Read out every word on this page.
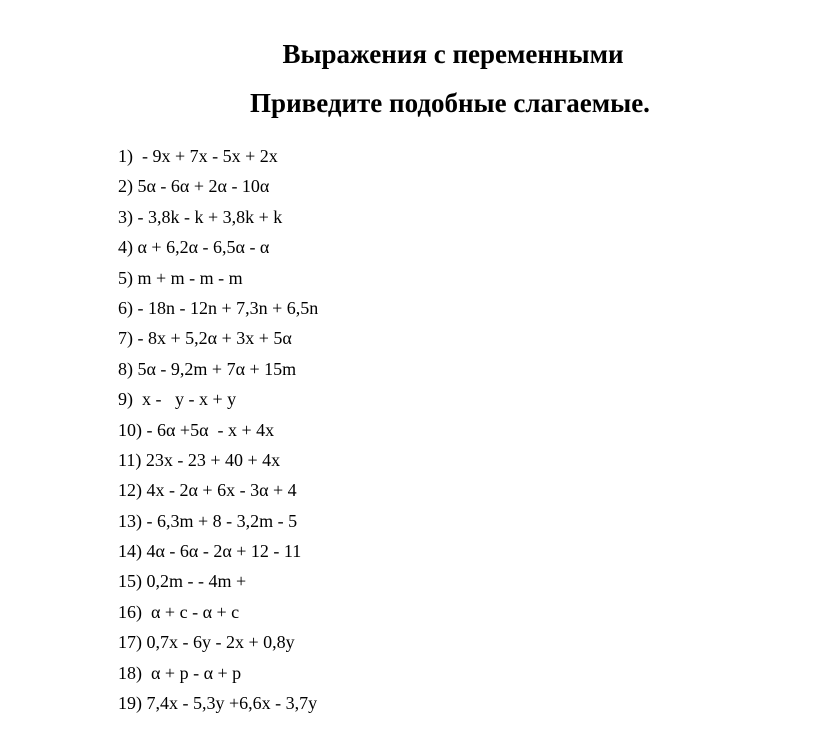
Выражения с переменными
Приведите подобные слагаемые.
1)  - 9x + 7x - 5x + 2x
2) 5α - 6α + 2α - 10α
3) - 3,8k - k + 3,8k + k
4) α + 6,2α - 6,5α - α
5) m + m - m - m
6) - 18n - 12n + 7,3n + 6,5n
7) - 8x + 5,2α + 3x + 5α
8) 5α - 9,2m + 7α + 15m
9)  x -   y - x + y
10) - 6α +5α  - x + 4x
11) 23x - 23 + 40 + 4x
12) 4x - 2α + 6x - 3α + 4
13) - 6,3m + 8 - 3,2m - 5
14) 4α - 6α - 2α + 12 - 11
15) 0,2m - - 4m +
16)  α + c - α + c
17) 0,7x - 6y - 2x + 0,8y
18)  α + p - α + p
19) 7,4x - 5,3y +6,6x - 3,7y
